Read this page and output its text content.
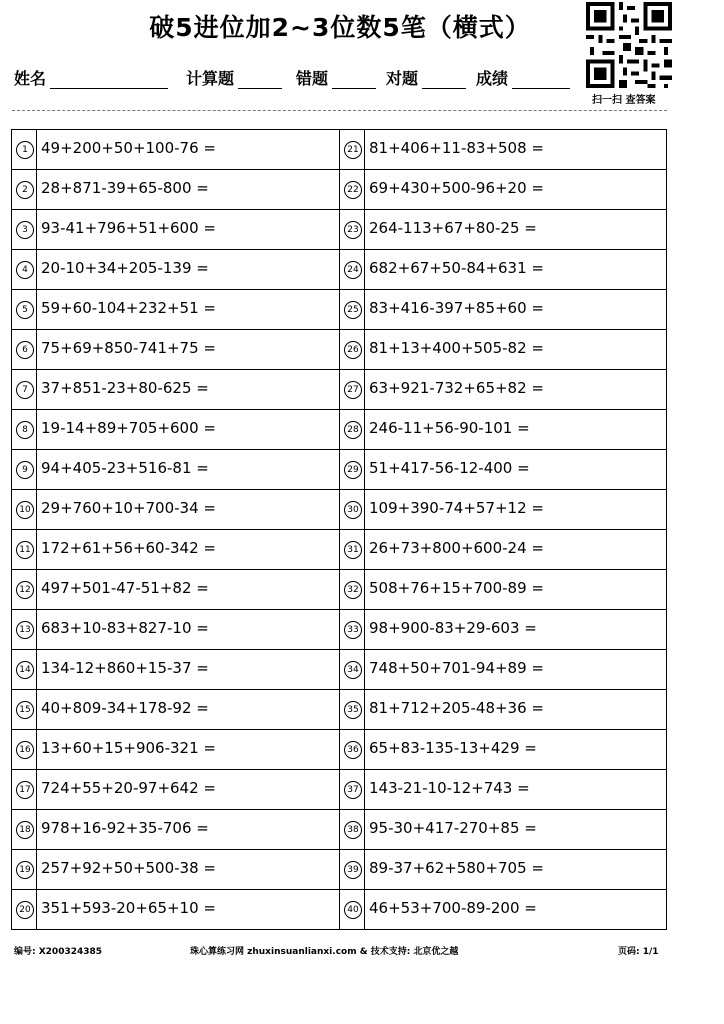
破5进位加2~3位数5笔（横式）
扫一扫 查答案
姓名	计算题	错题	对题	成绩
1 49+200+50+100-76 =	21 81+406+11-83+508 =
2 28+871-39+65-800 =	22 69+430+500-96+20 =
3 93-41+796+51+600 =	23 264-113+67+80-25 =
4 20-10+34+205-139 =	24 682+67+50-84+631 =
5 59+60-104+232+51 =	25 83+416-397+85+60 =
6 75+69+850-741+75 =	26 81+13+400+505-82 =
7 37+851-23+80-625 =	27 63+921-732+65+82 =
8 19-14+89+705+600 =	28 246-11+56-90-101 =
9 94+405-23+516-81 =	29 51+417-56-12-400 =
10 29+760+10+700-34 =	30 109+390-74+57+12 =
11 172+61+56+60-342 =	31 26+73+800+600-24 =
12 497+501-47-51+82 =	32 508+76+15+700-89 =
13 683+10-83+827-10 =	33 98+900-83+29-603 =
14 134-12+860+15-37 =	34 748+50+701-94+89 =
15 40+809-34+178-92 =	35 81+712+205-48+36 =
16 13+60+15+906-321 =	36 65+83-135-13+429 =
17 724+55+20-97+642 =	37 143-21-10-12+743 =
18 978+16-92+35-706 =	38 95-30+417-270+85 =
19 257+92+50+500-38 =	39 89-37+62+580+705 =
20 351+593-20+65+10 =	40 46+53+700-89-200 =
编号: X200324385	珠心算练习网 zhuxinsuanlianxi.com & 技术支持: 北京优之越	页码: 1/1
